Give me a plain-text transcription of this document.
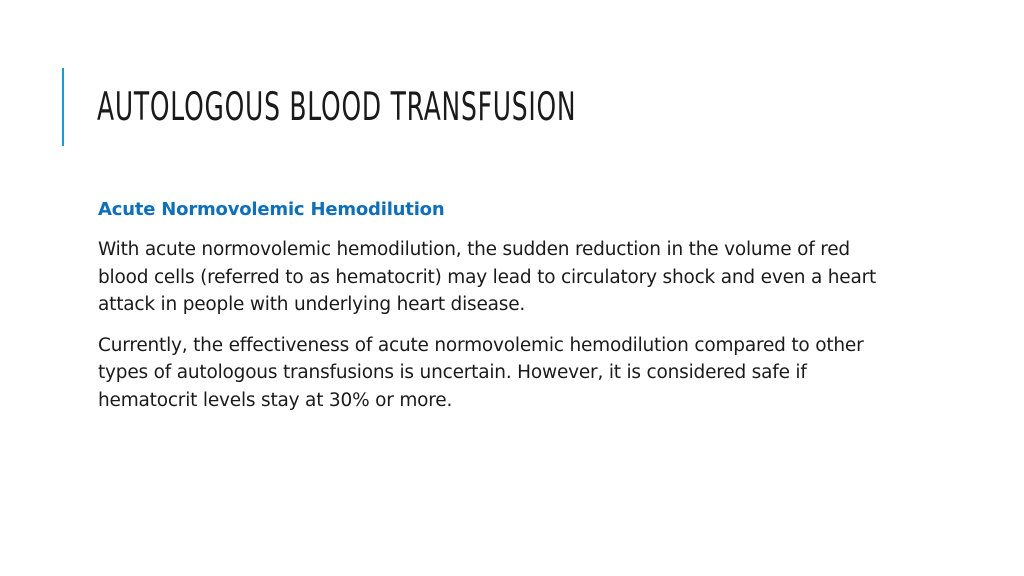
AUTOLOGOUS BLOOD TRANSFUSION
Acute Normovolemic Hemodilution

With acute normovolemic hemodilution, the sudden reduction in the volume of red blood cells (referred to as hematocrit) may lead to circulatory shock and even a heart attack in people with underlying heart disease.

Currently, the effectiveness of acute normovolemic hemodilution compared to other types of autologous transfusions is uncertain. However, it is considered safe if hematocrit levels stay at 30% or more.
